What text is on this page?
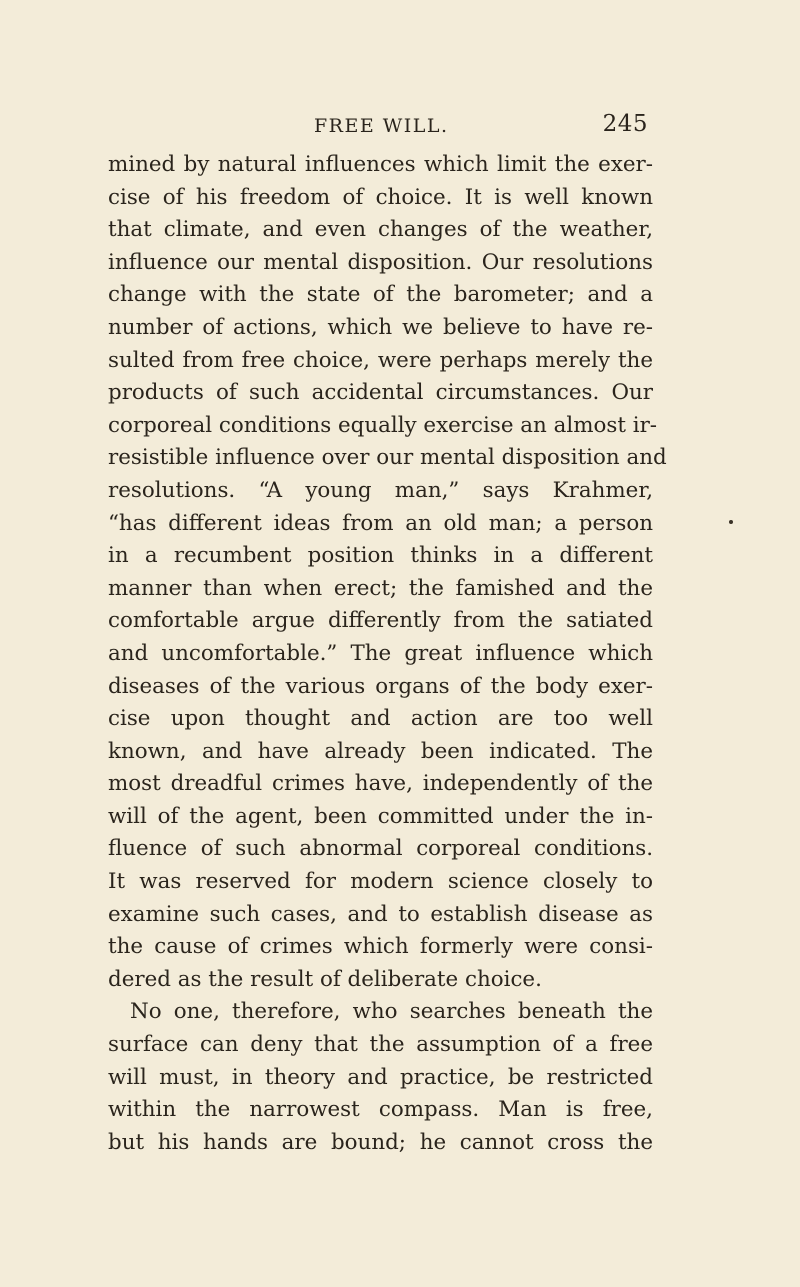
FREE WILL.	245
mined by natural influences which limit the exer-
cise of his freedom of choice. It is well known
that climate, and even changes of the weather,
influence our mental disposition. Our resolutions
change with the state of the barometer; and a
number of actions, which we believe to have re-
sulted from free choice, were perhaps merely the
products of such accidental circumstances. Our
corporeal conditions equally exercise an almost ir-
resistible influence over our mental disposition and
resolutions. “A young man,” says Krahmer,
“has different ideas from an old man; a person
in a recumbent position thinks in a different
manner than when erect; the famished and the
comfortable argue differently from the satiated
and uncomfortable.” The great influence which
diseases of the various organs of the body exer-
cise upon thought and action are too well
known, and have already been indicated. The
most dreadful crimes have, independently of the
will of the agent, been committed under the in-
fluence of such abnormal corporeal conditions.
It was reserved for modern science closely to
examine such cases, and to establish disease as
the cause of crimes which formerly were consi-
dered as the result of deliberate choice.
No one, therefore, who searches beneath the
surface can deny that the assumption of a free
will must, in theory and practice, be restricted
within the narrowest compass. Man is free,
but his hands are bound; he cannot cross the
